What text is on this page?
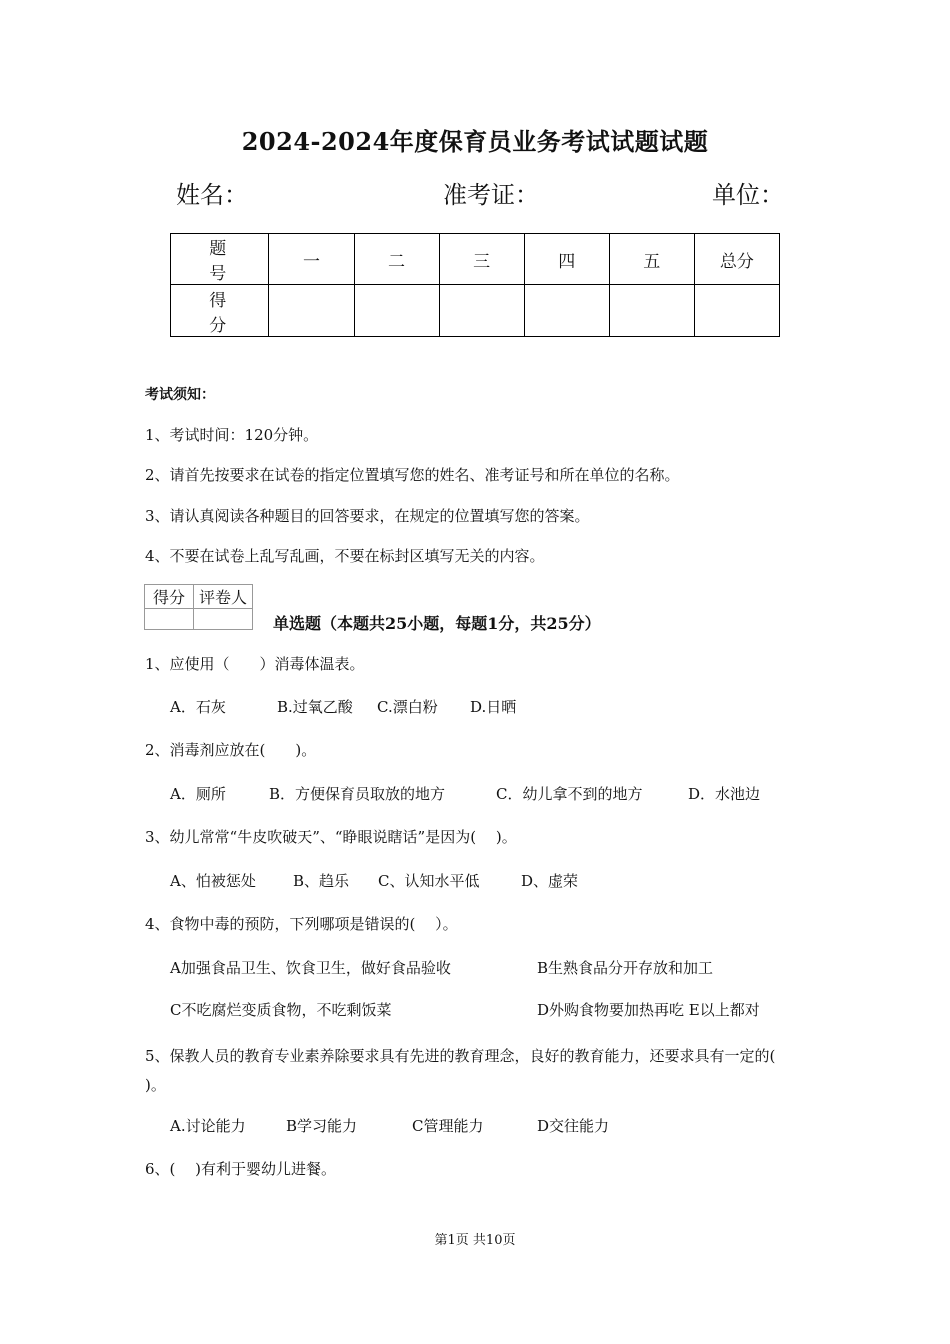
2024-2024年度保育员业务考试试题试题
姓名：	准考证：	单位：
题　号	一	二	三	四	五	总分
得　分						
考试须知：
1、考试时间：120分钟。
2、请首先按要求在试卷的指定位置填写您的姓名、准考证号和所在单位的名称。
3、请认真阅读各种题目的回答要求，在规定的位置填写您的答案。
4、不要在试卷上乱写乱画，不要在标封区填写无关的内容。
得分	评卷人

单选题（本题共25小题，每题1分，共25分）
1、应使用（　　）消毒体温表。
A．石灰	B.过氧乙酸 C.漂白粉 D.日晒
2、消毒剂应放在(　　)。
A．厕所	B．方便保育员取放的地方	C．幼儿拿不到的地方	D．水池边
3、幼儿常常“牛皮吹破天”、“睁眼说瞎话”是因为(　 )。
A、怕被惩处 B、趋乐 C、认知水平低	D、虚荣
4、食物中毒的预防，下列哪项是错误的(　 ）。
A加强食品卫生、饮食卫生，做好食品验收	B生熟食品分开存放和加工
C不吃腐烂变质食物，不吃剩饭菜	D外购食物要加热再吃 E以上都对
5、保教人员的教育专业素养除要求具有先进的教育理念，良好的教育能力，还要求具有一定的(　 )。
A.讨论能力	B学习能力	C管理能力	D交往能力
6、(　 )有利于婴幼儿进餐。
第1页 共10页
